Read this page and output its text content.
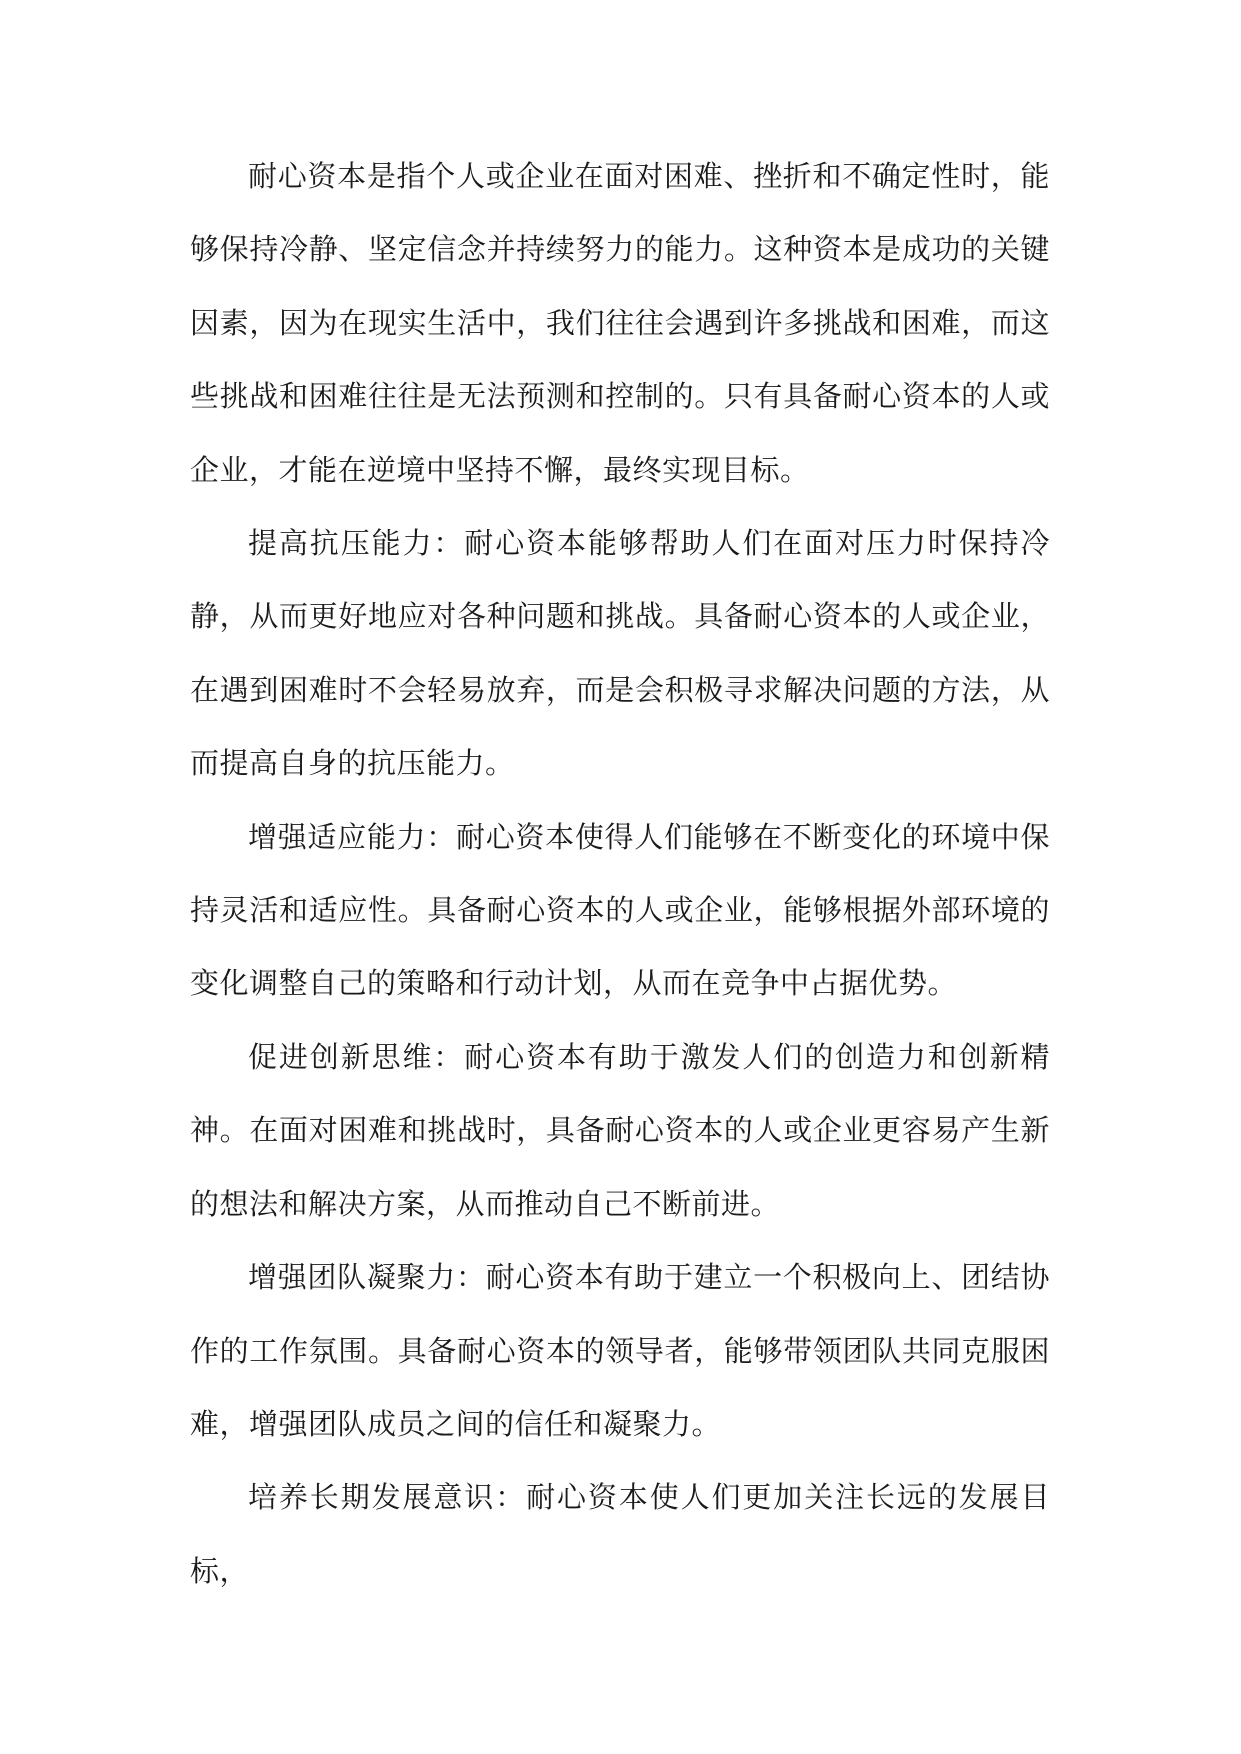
耐心资本是指个人或企业在面对困难、挫折和不确定性时，能够保持冷静、坚定信念并持续努力的能力。这种资本是成功的关键因素，因为在现实生活中，我们往往会遇到许多挑战和困难，而这些挑战和困难往往是无法预测和控制的。只有具备耐心资本的人或企业，才能在逆境中坚持不懈，最终实现目标。

提高抗压能力：耐心资本能够帮助人们在面对压力时保持冷静，从而更好地应对各种问题和挑战。具备耐心资本的人或企业，在遇到困难时不会轻易放弃，而是会积极寻求解决问题的方法，从而提高自身的抗压能力。

增强适应能力：耐心资本使得人们能够在不断变化的环境中保持灵活和适应性。具备耐心资本的人或企业，能够根据外部环境的变化调整自己的策略和行动计划，从而在竞争中占据优势。

促进创新思维：耐心资本有助于激发人们的创造力和创新精神。在面对困难和挑战时，具备耐心资本的人或企业更容易产生新的想法和解决方案，从而推动自己不断前进。

增强团队凝聚力：耐心资本有助于建立一个积极向上、团结协作的工作氛围。具备耐心资本的领导者，能够带领团队共同克服困难，增强团队成员之间的信任和凝聚力。

培养长期发展意识：耐心资本使人们更加关注长远的发展目标，
